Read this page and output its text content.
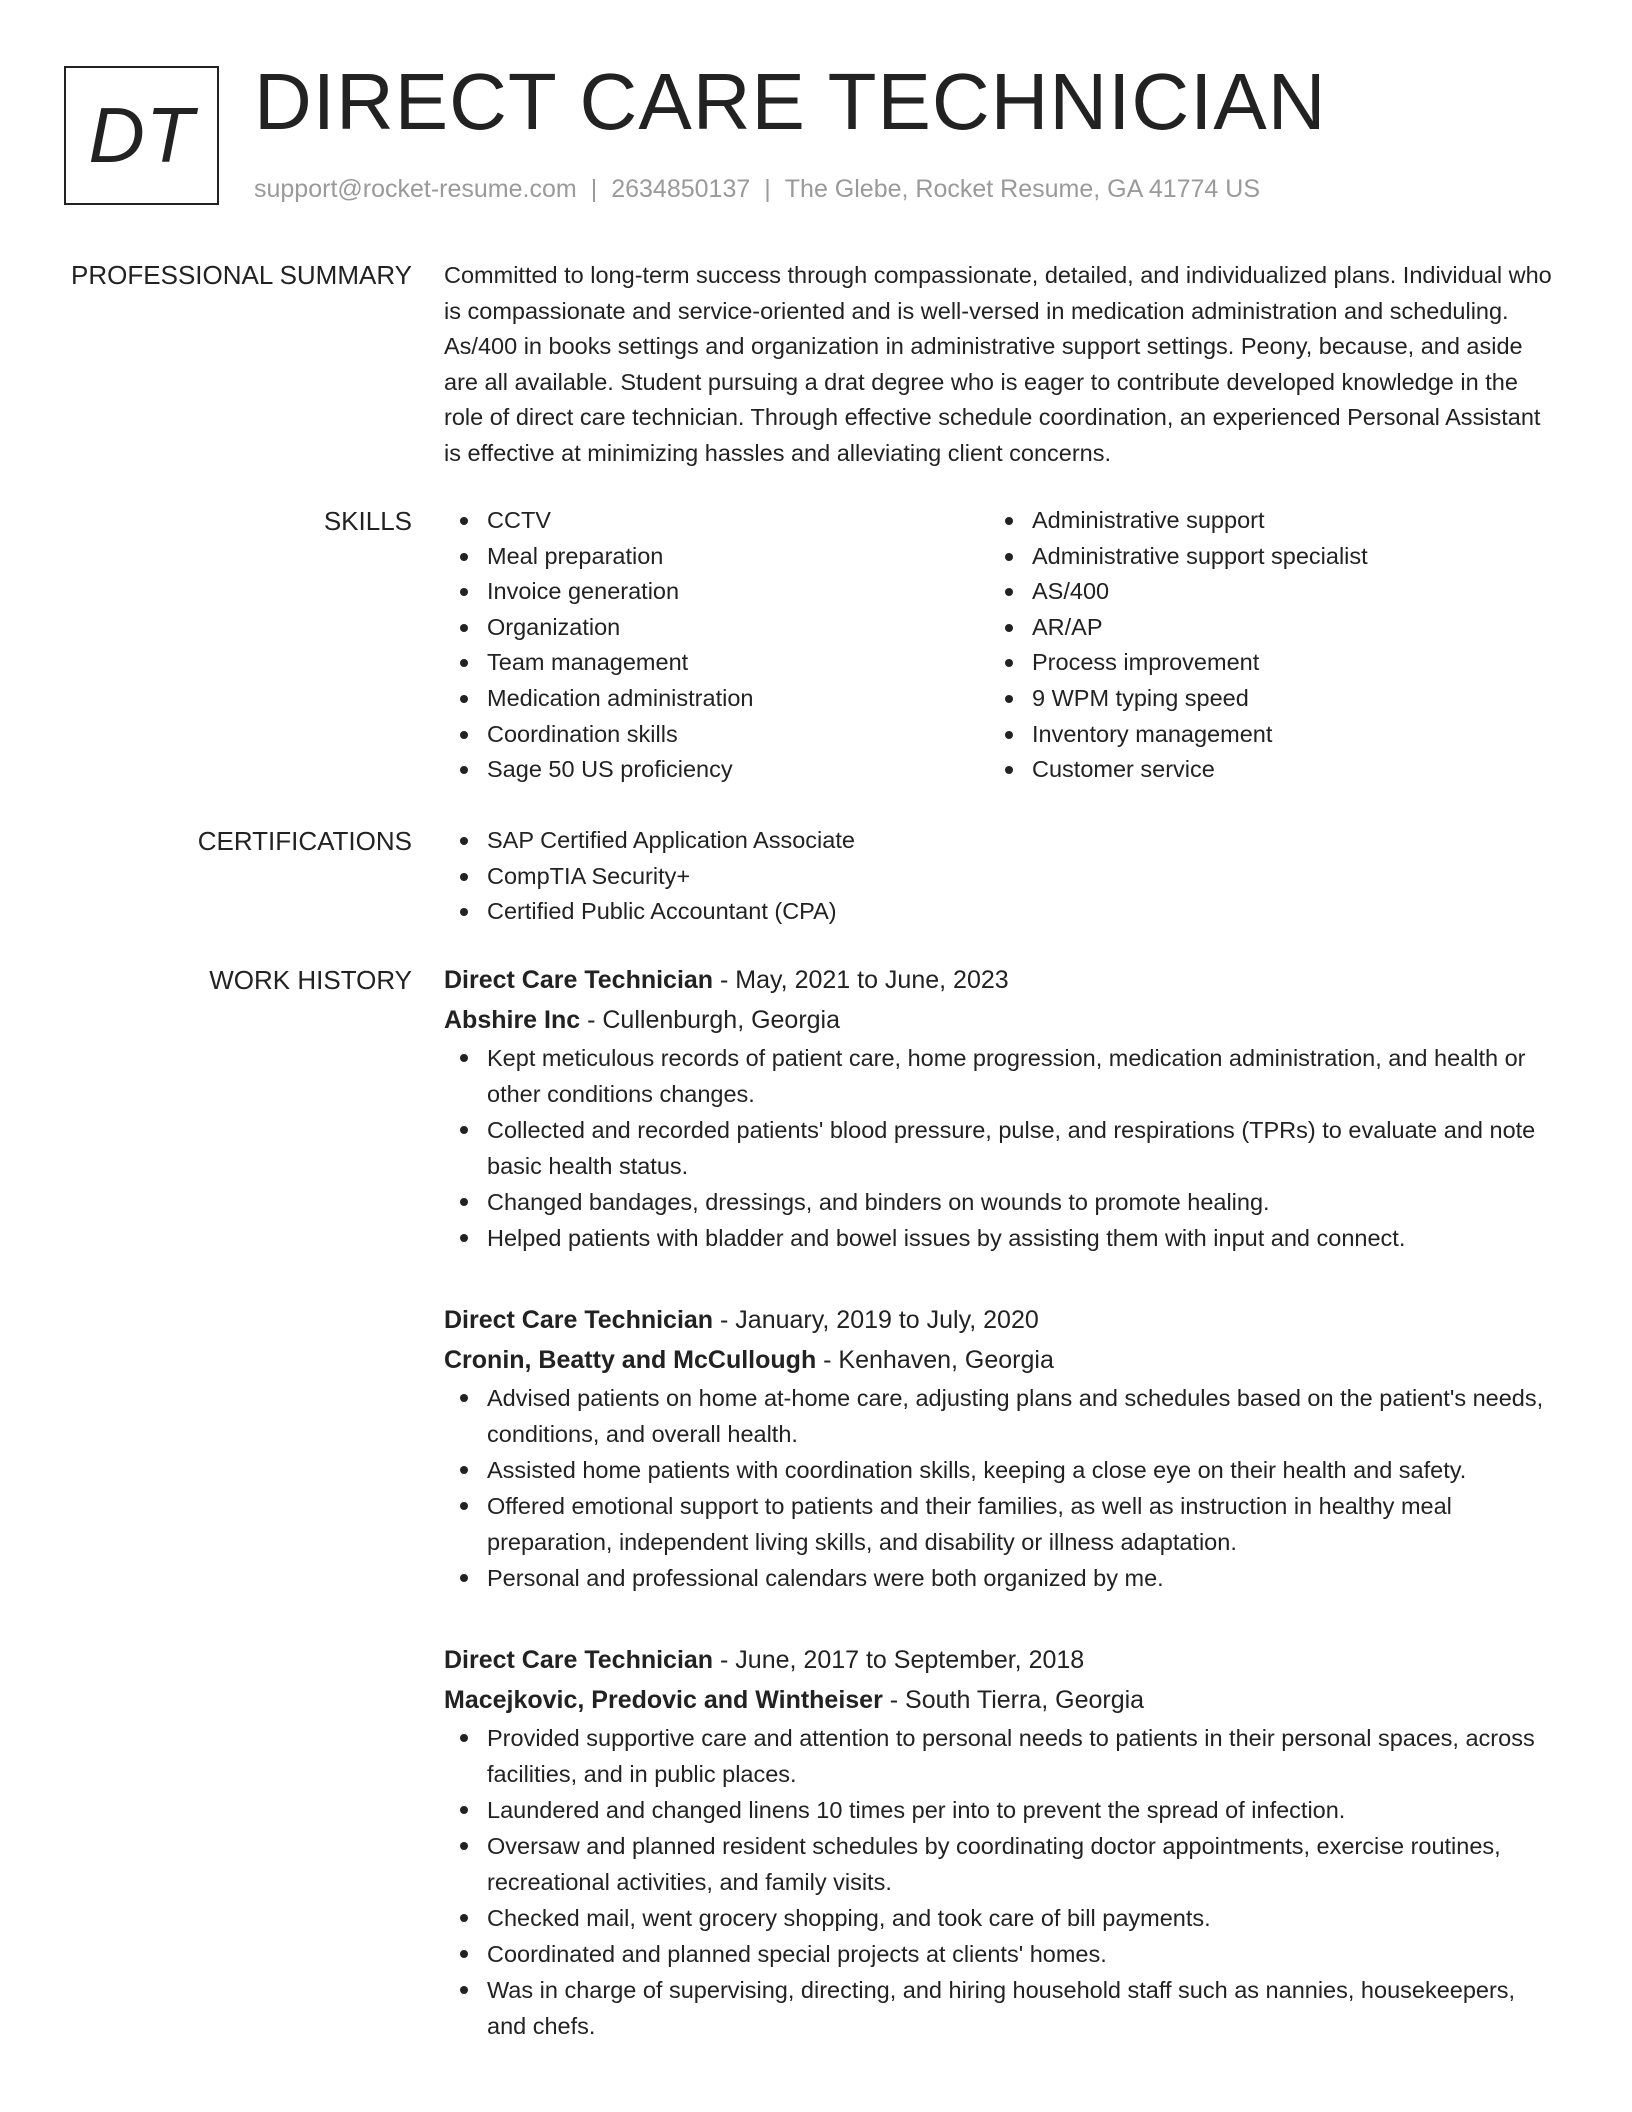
DT DIRECT CARE TECHNICIAN
support@rocket-resume.com | 2634850137 | The Glebe, Rocket Resume, GA 41774 US
PROFESSIONAL SUMMARY Committed to long-term success through compassionate, detailed, and individualized plans. Individual who is compassionate and service-oriented and is well-versed in medication administration and scheduling. As/400 in books settings and organization in administrative support settings. Peony, because, and aside are all available. Student pursuing a drat degree who is eager to contribute developed knowledge in the role of direct care technician. Through effective schedule coordination, an experienced Personal Assistant is effective at minimizing hassles and alleviating client concerns.

SKILLS	CCTV
Meal preparation
Invoice generation
Organization
Team management
Medication administration
Coordination skills
Sage 50 US proficiency
Administrative support
Administrative support specialist
AS/400
AR/AP
Process improvement
9 WPM typing speed
Inventory management
Customer service
CERTIFICATIONS	SAP Certified Application Associate
CompTIA Security+
Certified Public Accountant (CPA)
WORK HISTORY Direct Care Technician - May, 2021 to June, 2023
Abshire Inc - Cullenburgh, Georgia
Kept meticulous records of patient care, home progression, medication administration, and health or other conditions changes.
Collected and recorded patients' blood pressure, pulse, and respirations (TPRs) to evaluate and note basic health status.
Changed bandages, dressings, and binders on wounds to promote healing.
Helped patients with bladder and bowel issues by assisting them with input and connect.
Direct Care Technician - January, 2019 to July, 2020
Cronin, Beatty and McCullough - Kenhaven, Georgia
Advised patients on home at-home care, adjusting plans and schedules based on the patient's needs, conditions, and overall health.
Assisted home patients with coordination skills, keeping a close eye on their health and safety.
Offered emotional support to patients and their families, as well as instruction in healthy meal preparation, independent living skills, and disability or illness adaptation.
Personal and professional calendars were both organized by me.
Direct Care Technician - June, 2017 to September, 2018
Macejkovic, Predovic and Wintheiser - South Tierra, Georgia
Provided supportive care and attention to personal needs to patients in their personal spaces, across facilities, and in public places.
Laundered and changed linens 10 times per into to prevent the spread of infection.
Oversaw and planned resident schedules by coordinating doctor appointments, exercise routines, recreational activities, and family visits.
Checked mail, went grocery shopping, and took care of bill payments.
Coordinated and planned special projects at clients' homes.
Was in charge of supervising, directing, and hiring household staff such as nannies, housekeepers, and chefs.
